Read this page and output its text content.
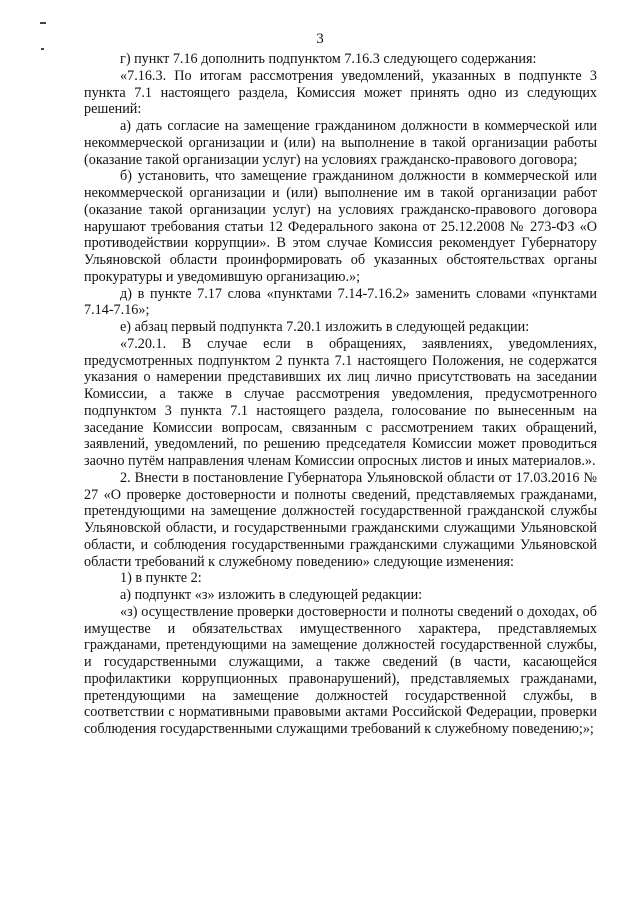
3

г) пункт 7.16 дополнить подпунктом 7.16.3 следующего содержания:

«7.16.3. По итогам рассмотрения уведомлений, указанных в подпункте 3 пункта 7.1 настоящего раздела, Комиссия может принять одно из следующих решений:

а) дать согласие на замещение гражданином должности в коммерческой или некоммерческой организации и (или) на выполнение в такой организации работы (оказание такой организации услуг) на условиях гражданско-правового договора;

б) установить, что замещение гражданином должности в коммерческой или некоммерческой организации и (или) выполнение им в такой организации работ (оказание такой организации услуг) на условиях гражданско-правового договора нарушают требования статьи 12 Федерального закона от 25.12.2008 № 273-ФЗ «О противодействии коррупции». В этом случае Комиссия рекомендует Губернатору Ульяновской области проинформировать об указанных обстоятельствах органы прокуратуры и уведомившую организацию.»;

д) в пункте 7.17 слова «пунктами 7.14-7.16.2» заменить словами «пунктами 7.14-7.16»;

е) абзац первый подпункта 7.20.1 изложить в следующей редакции:

«7.20.1. В случае если в обращениях, заявлениях, уведомлениях, предусмотренных подпунктом 2 пункта 7.1 настоящего Положения, не содержатся указания о намерении представивших их лиц лично присутствовать на заседании Комиссии, а также в случае рассмотрения уведомления, предусмотренного подпунктом 3 пункта 7.1 настоящего раздела, голосование по вынесенным на заседание Комиссии вопросам, связанным с рассмотрением таких обращений, заявлений, уведомлений, по решению председателя Комиссии может проводиться заочно путём направления членам Комиссии опросных листов и иных материалов.».

2. Внести в постановление Губернатора Ульяновской области от 17.03.2016 № 27 «О проверке достоверности и полноты сведений, представляемых гражданами, претендующими на замещение должностей государственной гражданской службы Ульяновской области, и государственными гражданскими служащими Ульяновской области, и соблюдения государственными гражданскими служащими Ульяновской области требований к служебному поведению» следующие изменения:

1) в пункте 2:

а) подпункт «з» изложить в следующей редакции:

«з) осуществление проверки достоверности и полноты сведений о доходах, об имуществе и обязательствах имущественного характера, представляемых гражданами, претендующими на замещение должностей государственной службы, и государственными служащими, а также сведений (в части, касающейся профилактики коррупционных правонарушений), представляемых гражданами, претендующими на замещение должностей государственной службы, в соответствии с нормативными правовыми актами Российской Федерации, проверки соблюдения государственными служащими требований к служебному поведению;»;
